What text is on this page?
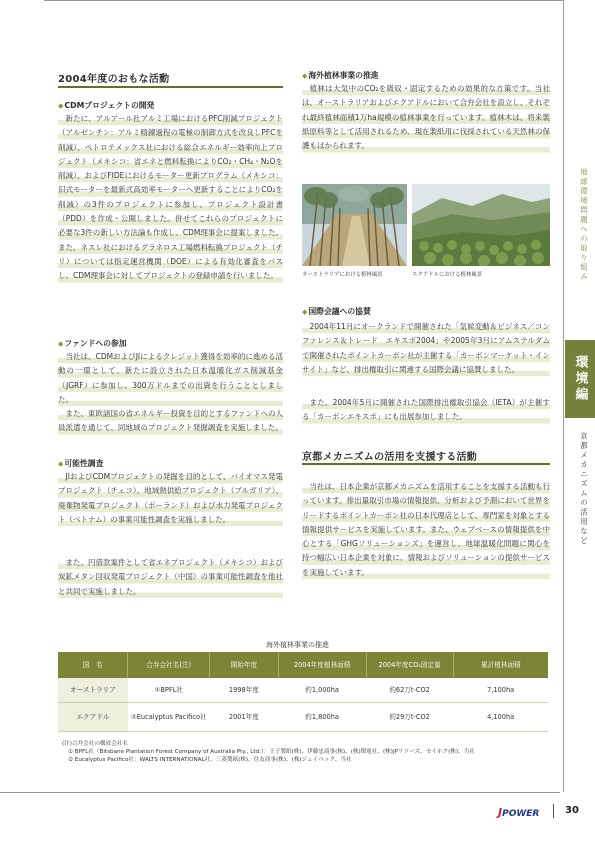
2004年度のおもな活動
◆CDMプロジェクトの開発
新たに、アルアール社アルミ工場におけるPFC削減プロジェクト（アルゼンチン：アルミ精錬過程の電極の制御方式を改良しPFCを削減）、ペトロテメックス社における総合エネルギー効率向上プロジェクト（メキシコ：省エネと燃料転換によりCO₂・CH₄・N₂Oを削減）、およびFIDEにおけるモーター更新プログラム（メキシコ：旧式モーターを最新式高効率モーターへ更新することによりCO₂を削減）の3件のプロジェクトに参加し、プロジェクト設計書（PDD）を作成・公開しました。併せてこれらのプロジェクトに必要な3件の新しい方法論も作成し、CDM理事会に提案しました。また、ネスレ社におけるグラネロス工場燃料転換プロジェクト（チリ）については指定運営機関（DOE）による有効化審査をパスし、CDM理事会に対してプロジェクトの登録申請を行いました。
◆ファンドへの参加
当社は、CDMおよびJIによるクレジット獲得を効率的に進める活動の一環として、新たに設立された日本温暖化ガス削減基金（JGRF）に参加し、300万ドルまでの出資を行うこととしました。
また、東欧諸国の省エネルギー投資を目的とするファンドへの人員派遣を通じて、同地域のプロジェクト発掘調査を実施しました。
◆可能性調査
JIおよびCDMプロジェクトの発掘を目的として、バイオマス発電プロジェクト（チェコ）、地域熱供給プロジェクト（ブルガリア）、廃棄物発電プロジェクト（ポーランド）および水力発電プロジェクト（ベトナム）の事業可能性調査を実施しました。
また、円借款案件として省エネプロジェクト（メキシコ）および炭鉱メタン回収発電プロジェクト（中国）の事業可能性調査を他社と共同で実施しました。
◆海外植林事業の推進
植林は大気中のCO₂を吸収・固定するための効果的な方策です。当社は、オーストラリアおよびエクアドルにおいて合弁会社を設立し、それぞれ最終植林面積1万ha規模の植林事業を行っています。植林木は、将来製紙原料等として活用されるため、現在製紙用に伐採されている天然林の保護もはかられます。
オーストラリアにおける植林風景	エクアドルにおける植林風景
◆国際会議への協賛
2004年11月にオークランドで開催された「気候変動＆ビジネス／コンファレンス＆トレード　エキスポ2004」や2005年3月にアムステルダムで開催されたポイントカーボン社が主催する「カーボンマーケット・インサイト」など、排出権取引に関連する国際会議に協賛しました。
また、2004年5月に開催された国際排出権取引協会（IETA）が主催する「カーボンエキスポ」にも出展参加しました。
京都メカニズムの活用を支援する活動
当社は、日本企業が京都メカニズムを活用することを支援する活動も行っています。排出量取引市場の情報提供、分析および予測において世界をリードするポイントカーボン社の日本代理店として、専門家を対象とする情報提供サービスを実施しています。また、ウェブベースの情報提供を中心とする「GHGソリューションズ」を運営し、地球温暖化問題に関心を持つ幅広い日本企業を対象に、情報およびソリューションの提供サービスを実施しています。
海外植林事業の推進
国　名	合弁会社名(注)	開始年度	2004年度植林面積	2004年度CO₂固定量	累計植林面積
オーストラリア	①BPFL社	1998年度	約1,000ha	約62万t-CO2	7,100ha
エクアドル	②Eucalyptus Pacifico社	2001年度	約1,800ha	約29万t-CO2	4,100ha
(注)合弁会社の構成会社名
① BPFL社（Bitsbane Plantation Forest Company of Australia Pty., Ltd.）：王子製紙(株)、伊藤忠商事(株)、(株)関電社、(株)JPリソーズ、セイホク(株)、当社
② Eucalyptus Pacifico社：WALTS INTERNATIONAL社、三菱製紙(株)、住友商事(株)、(株)ジェイベック、当社
地球環境問題への取り組み
環境編
京都メカニズムの活用など
JPOWER	30
